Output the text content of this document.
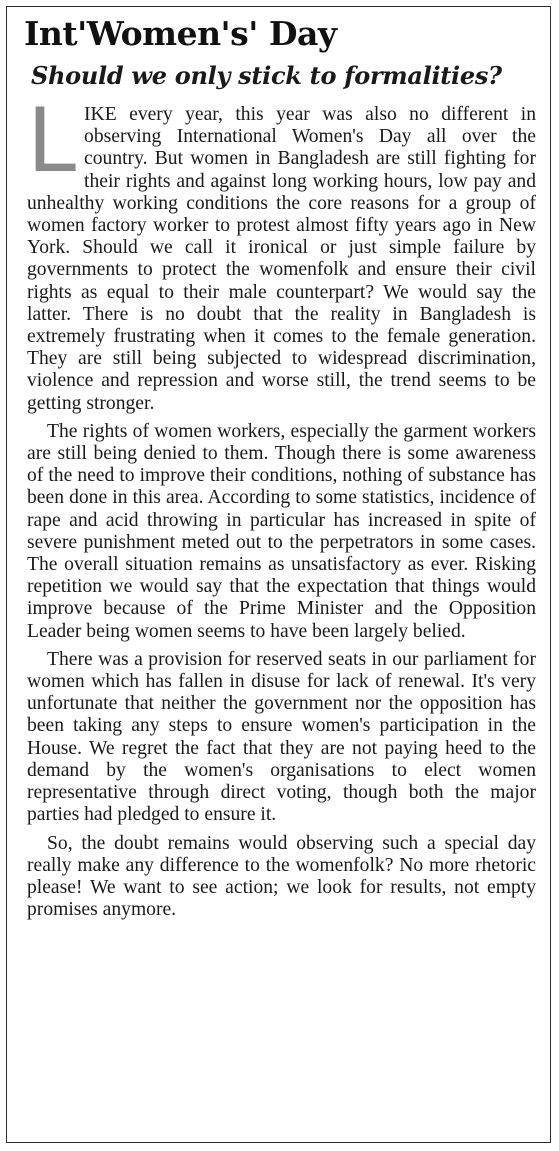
Int'Women's' Day
Should we only stick to formalities?

LIKE every year, this year was also no different in observing International Women's Day all over the country. But women in Bangladesh are still fighting for their rights and against long working hours, low pay and unhealthy working conditions the core reasons for a group of women factory worker to protest almost fifty years ago in New York. Should we call it ironical or just simple failure by governments to protect the womenfolk and ensure their civil rights as equal to their male counterpart? We would say the latter. There is no doubt that the reality in Bangladesh is extremely frustrating when it comes to the female generation. They are still being subjected to widespread discrimination, violence and repression and worse still, the trend seems to be getting stronger.

The rights of women workers, especially the garment workers are still being denied to them. Though there is some awareness of the need to improve their conditions, nothing of substance has been done in this area. According to some statistics, incidence of rape and acid throwing in particular has increased in spite of severe punishment meted out to the perpetrators in some cases. The overall situation remains as unsatisfactory as ever. Risking repetition we would say that the expectation that things would improve because of the Prime Minister and the Opposition Leader being women seems to have been largely belied.

There was a provision for reserved seats in our parliament for women which has fallen in disuse for lack of renewal. It's very unfortunate that neither the government nor the opposition has been taking any steps to ensure women's participation in the House. We regret the fact that they are not paying heed to the demand by the women's organisations to elect women representative through direct voting, though both the major parties had pledged to ensure it.

So, the doubt remains would observing such a special day really make any difference to the womenfolk? No more rhetoric please! We want to see action; we look for results, not empty promises anymore.
